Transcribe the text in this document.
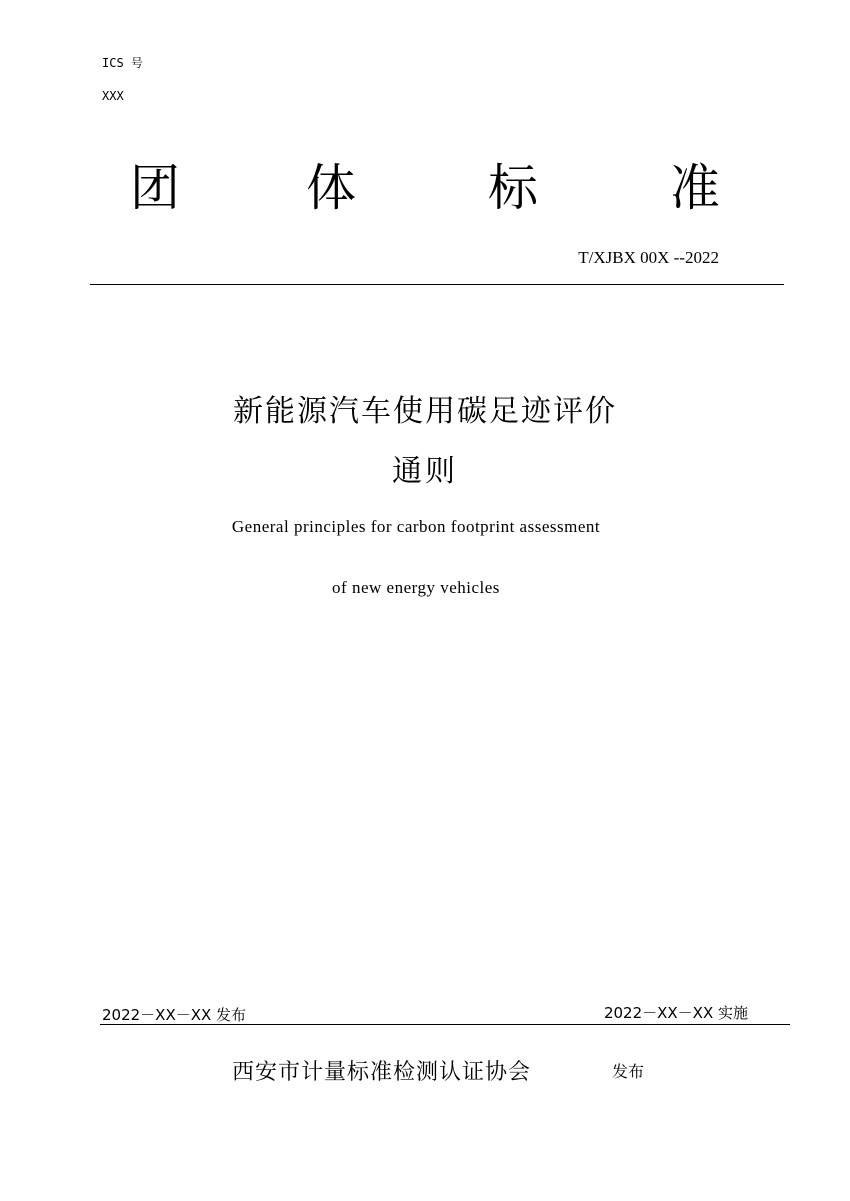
ICS 号

XXX

团	体	标	准

T/XJBX 00X --2022

新能源汽车使用碳足迹评价
通则

General principles for carbon footprint assessment

of new energy vehicles

2022－XX－XX 发布	2022－XX－XX 实施

西安市计量标准检测认证协会	发布
